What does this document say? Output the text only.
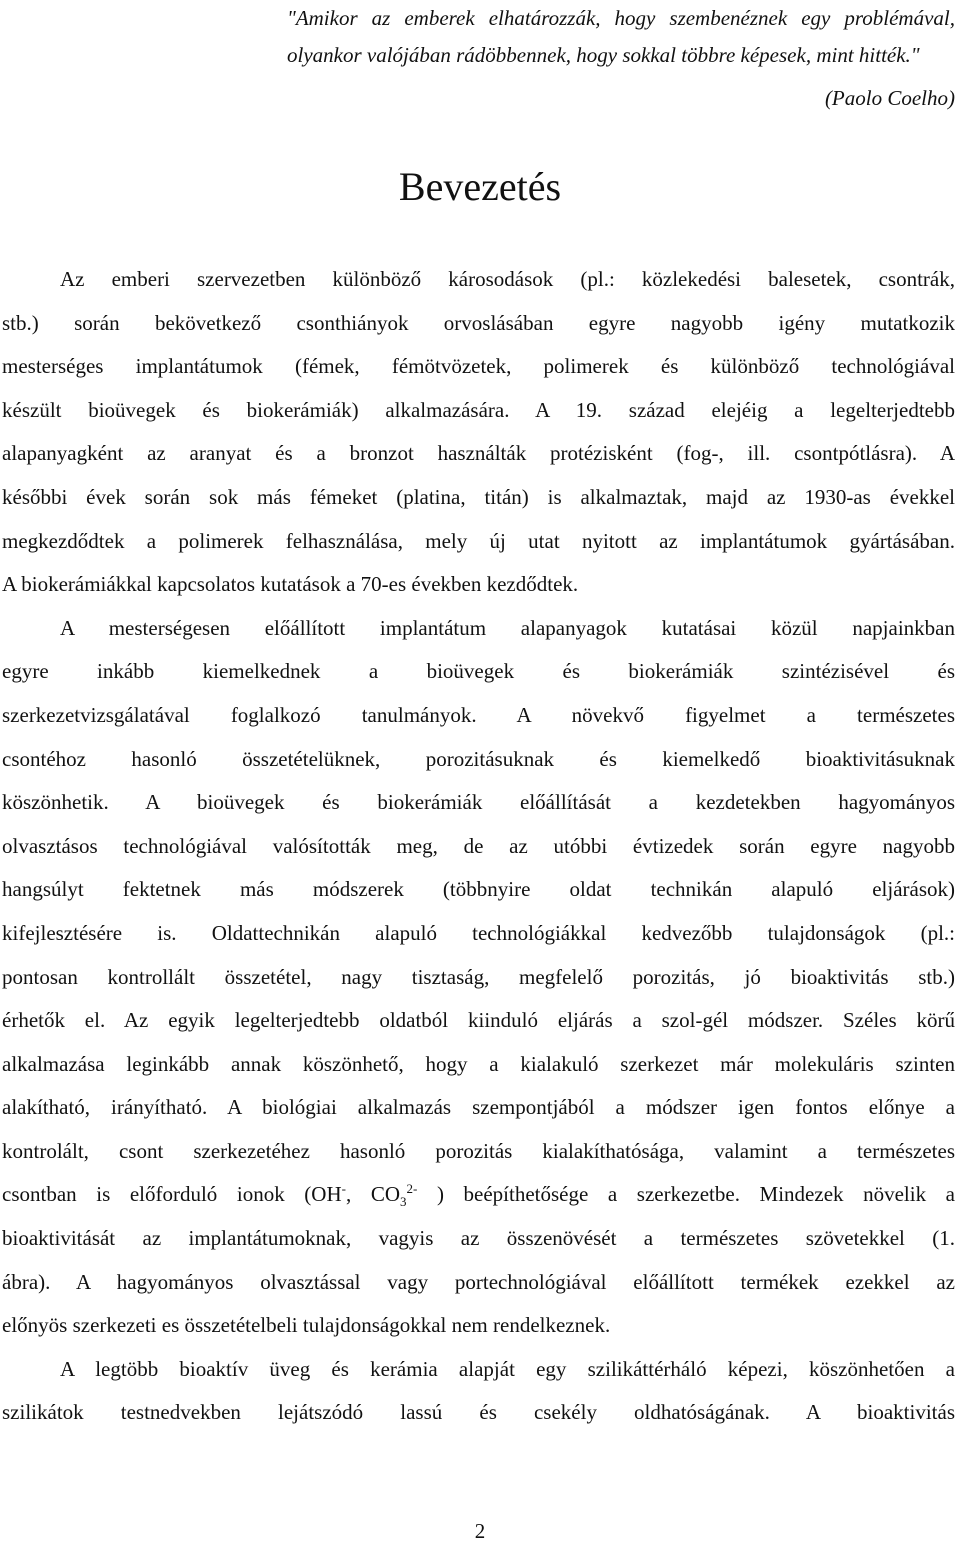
"Amikor az emberek elhatározzák, hogy szembenéznek egy problémával,
olyankor valójában rádöbbennek, hogy sokkal többre képesek, mint hitték."
(Paolo Coelho)
Bevezetés
Az emberi szervezetben különböző károsodások (pl.: közlekedési balesetek, csontrák,
stb.) során bekövetkező csonthiányok orvoslásában egyre nagyobb igény mutatkozik
mesterséges implantátumok (fémek, fémötvözetek, polimerek és különböző technológiával
készült bioüvegek és biokerámiák) alkalmazására. A 19. század elejéig a legelterjedtebb
alapanyagként az aranyat és a bronzot használták protézisként (fog-, ill. csontpótlásra). A
későbbi évek során sok más fémeket (platina, titán) is alkalmaztak, majd az 1930-as évekkel
megkezdődtek a polimerek felhasználása, mely új utat nyitott az implantátumok gyártásában.
A biokerámiákkal kapcsolatos kutatások a 70-es években kezdődtek.
A mesterségesen előállított implantátum alapanyagok kutatásai közül napjainkban
egyre inkább kiemelkednek a bioüvegek és biokerámiák szintézisével és
szerkezetvizsgálatával foglalkozó tanulmányok. A növekvő figyelmet a természetes
csontéhoz hasonló összetételüknek, porozitásuknak és kiemelkedő bioaktivitásuknak
köszönhetik. A bioüvegek és biokerámiák előállítását a kezdetekben hagyományos
olvasztásos technológiával valósították meg, de az utóbbi évtizedek során egyre nagyobb
hangsúlyt fektetnek más módszerek (többnyire oldat technikán alapuló eljárások)
kifejlesztésére is. Oldattechnikán alapuló technológiákkal kedvezőbb tulajdonságok (pl.:
pontosan kontrollált összetétel, nagy tisztaság, megfelelő porozitás, jó bioaktivitás stb.)
érhetők el. Az egyik legelterjedtebb oldatból kiinduló eljárás a szol-gél módszer. Széles körű
alkalmazása leginkább annak köszönhető, hogy a kialakuló szerkezet már molekuláris szinten
alakítható, irányítható. A biológiai alkalmazás szempontjából a módszer igen fontos előnye a
kontrolált, csont szerkezetéhez hasonló porozitás kialakíthatósága, valamint a természetes
csontban is előforduló ionok (OH-, $CO_3^{2-}$ ) beépíthetősége a szerkezetbe. Mindezek növelik a
bioaktivitását az implantátumoknak, vagyis az összenövését a természetes szövetekkel (1.
ábra). A hagyományos olvasztással vagy portechnológiával előállított termékek ezekkel az
előnyös szerkezeti es összetételbeli tulajdonságokkal nem rendelkeznek.
A legtöbb bioaktív üveg és kerámia alapját egy szilikáttérháló képezi, köszönhetően a
szilikátok testnedvekben lejátszódó lassú és csekély oldhatóságának. A bioaktivitás
2
